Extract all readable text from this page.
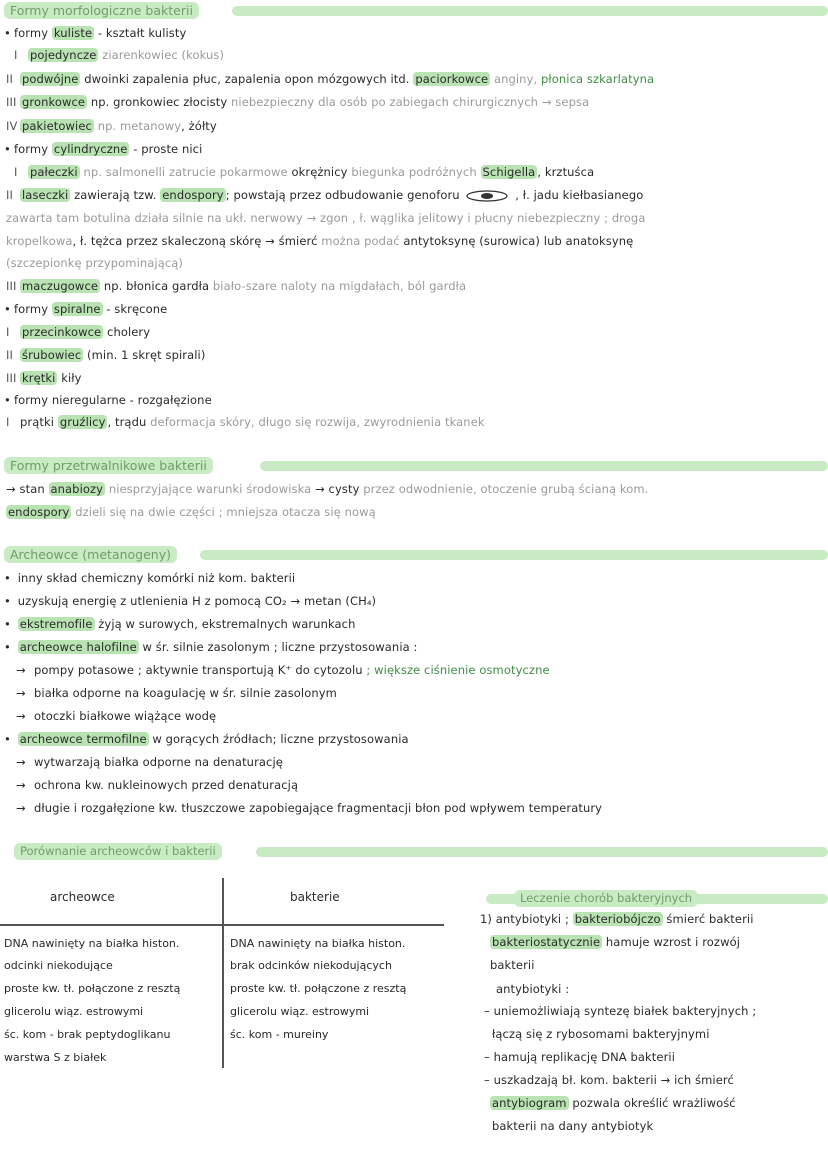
Formy morfologiczne bakterii
• formy kuliste - kształt kulisty
I pojedyncze ziarenkowiec (kokus)
II podwójne dwoinki zapalenia płuc, zapalenia opon mózgowych itd. paciorkowce anginy, płonica szkarlatyna
III gronkowce np. gronkowiec złocisty niebezpieczny dla osób po zabiegach chirurgicznych → sepsa
IV pakietowiec np. metanowy, żółty
• formy cylindryczne - proste nici
I pałeczki np. salmonelli zatrucie pokarmowe okrężnicy biegunka podróżnych Schigella , krztuśca
II laseczki zawierają tzw. endospory ; powstają przez odbudowanie genoforu	, ł. jadu kiełbasianego
zawarta tam botulina działa silnie na ukł. nerwowy → zgon , ł. wąglika jelitowy i płucny niebezpieczny ; droga
kropelkowa, ł. tężca przez skaleczoną skórę → śmierć można podać antytoksynę (surowica) lub anatoksynę
(szczepionkę przypominającą)
III maczugowce np. błonica gardła biało-szare naloty na migdałach, ból gardła
• formy spiralne - skręcone
I przecinkowce cholery
II śrubowiec (min. 1 skręt spirali)
III krętki kiły
• formy nieregularne - rozgałęzione
I prątki gruźlicy , trądu deformacja skóry, długo się rozwija, zwyrodnienia tkanek
Formy przetrwalnikowe bakterii
→ stan anabiozy niesprzyjające warunki środowiska → cysty przez odwodnienie, otoczenie grubą ścianą kom.
endospory dzieli się na dwie części ; mniejsza otacza się nową
Archeowce (metanogeny)
• inny skład chemiczny komórki niż kom. bakterii
• uzyskują energię z utlenienia H z pomocą CO₂ → metan (CH₄)
• ekstremofile żyją w surowych, ekstremalnych warunkach
• archeowce halofilne w śr. silnie zasolonym ; liczne przystosowania :
→ pompy potasowe ; aktywnie transportują K⁺ do cytozolu ; większe ciśnienie osmotyczne
→ białka odporne na koagulację w śr. silnie zasolonym
→ otoczki białkowe wiążące wodę
• archeowce termofilne w gorących źródłach; liczne przystosowania
→ wytwarzają białka odporne na denaturację
→ ochrona kw. nukleinowych przed denaturacją
→ długie i rozgałęzione kw. tłuszczowe zapobiegające fragmentacji błon pod wpływem temperatury
Porównanie archeowców i bakterii
archeowce	bakterie
DNA nawinięty na białka histon.
odcinki niekodujące
proste kw. tł. połączone z resztą
glicerolu wiąz. estrowymi
śc. kom - brak peptydoglikanu
warstwa S z białek
DNA nawinięty na białka histon.
brak odcinków niekodujących
proste kw. tł. połączone z resztą
glicerolu wiąz. estrowymi
śc. kom - mureiny
Leczenie chorób bakteryjnych
1) antybiotyki ; bakteriobójczo śmierć bakterii
bakteriostatycznie hamuje wzrost i rozwój
bakterii
antybiotyki :
– uniemożliwiają syntezę białek bakteryjnych ;
łączą się z rybosomami bakteryjnymi
– hamują replikację DNA bakterii
– uszkadzają bł. kom. bakterii → ich śmierć
antybiogram pozwala określić wrażliwość
bakterii na dany antybiotyk
